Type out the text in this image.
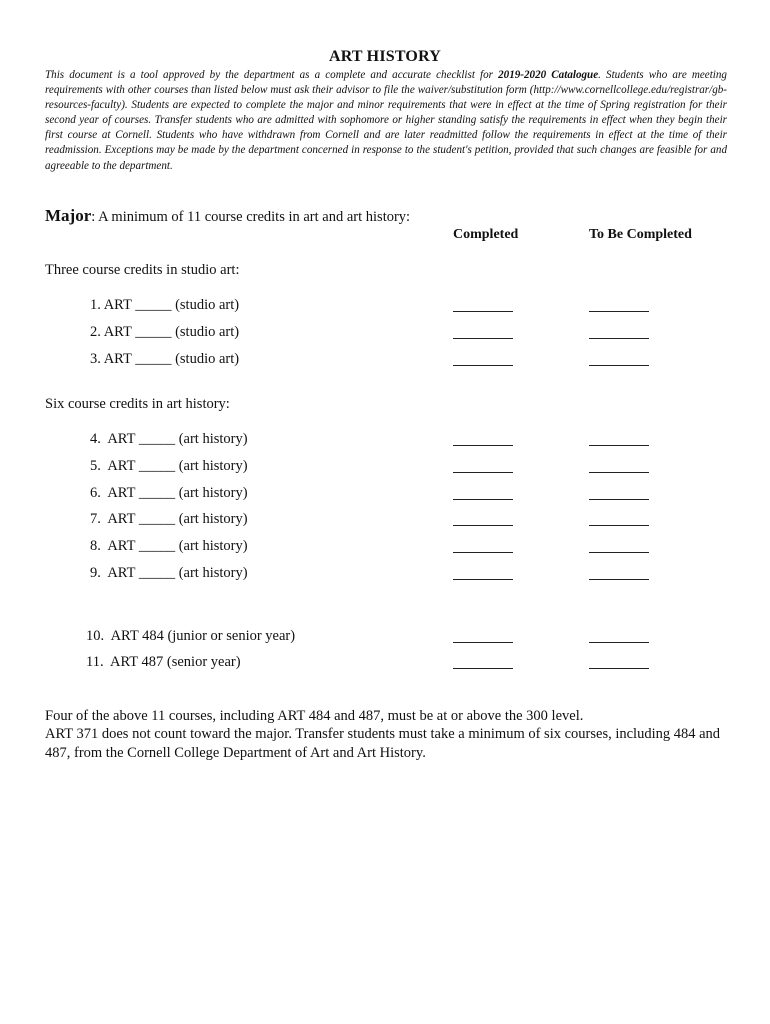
ART HISTORY
This document is a tool approved by the department as a complete and accurate checklist for 2019-2020 Catalogue. Students who are meeting requirements with other courses than listed below must ask their advisor to file the waiver/substitution form (http://www.cornellcollege.edu/registrar/gb-resources-faculty). Students are expected to complete the major and minor requirements that were in effect at the time of Spring registration for their second year of courses. Transfer students who are admitted with sophomore or higher standing satisfy the requirements in effect when they begin their first course at Cornell. Students who have withdrawn from Cornell and are later readmitted follow the requirements in effect at the time of their readmission. Exceptions may be made by the department concerned in response to the student's petition, provided that such changes are feasible for and agreeable to the department.
Major: A minimum of 11 course credits in art and art history:
Completed	To Be Completed
Three course credits in studio art:
1. ART _____ (studio art)
2. ART _____ (studio art)
3. ART _____ (studio art)
Six course credits in art history:
4.  ART _____ (art history)
5.  ART _____ (art history)
6.  ART _____ (art history)
7.  ART _____ (art history)
8.  ART _____ (art history)
9.  ART _____ (art history)
10.  ART 484 (junior or senior year)
11.  ART 487 (senior year)
Four of the above 11 courses, including ART 484 and 487, must be at or above the 300 level.
ART 371 does not count toward the major. Transfer students must take a minimum of six courses, including 484 and 487, from the Cornell College Department of Art and Art History.
